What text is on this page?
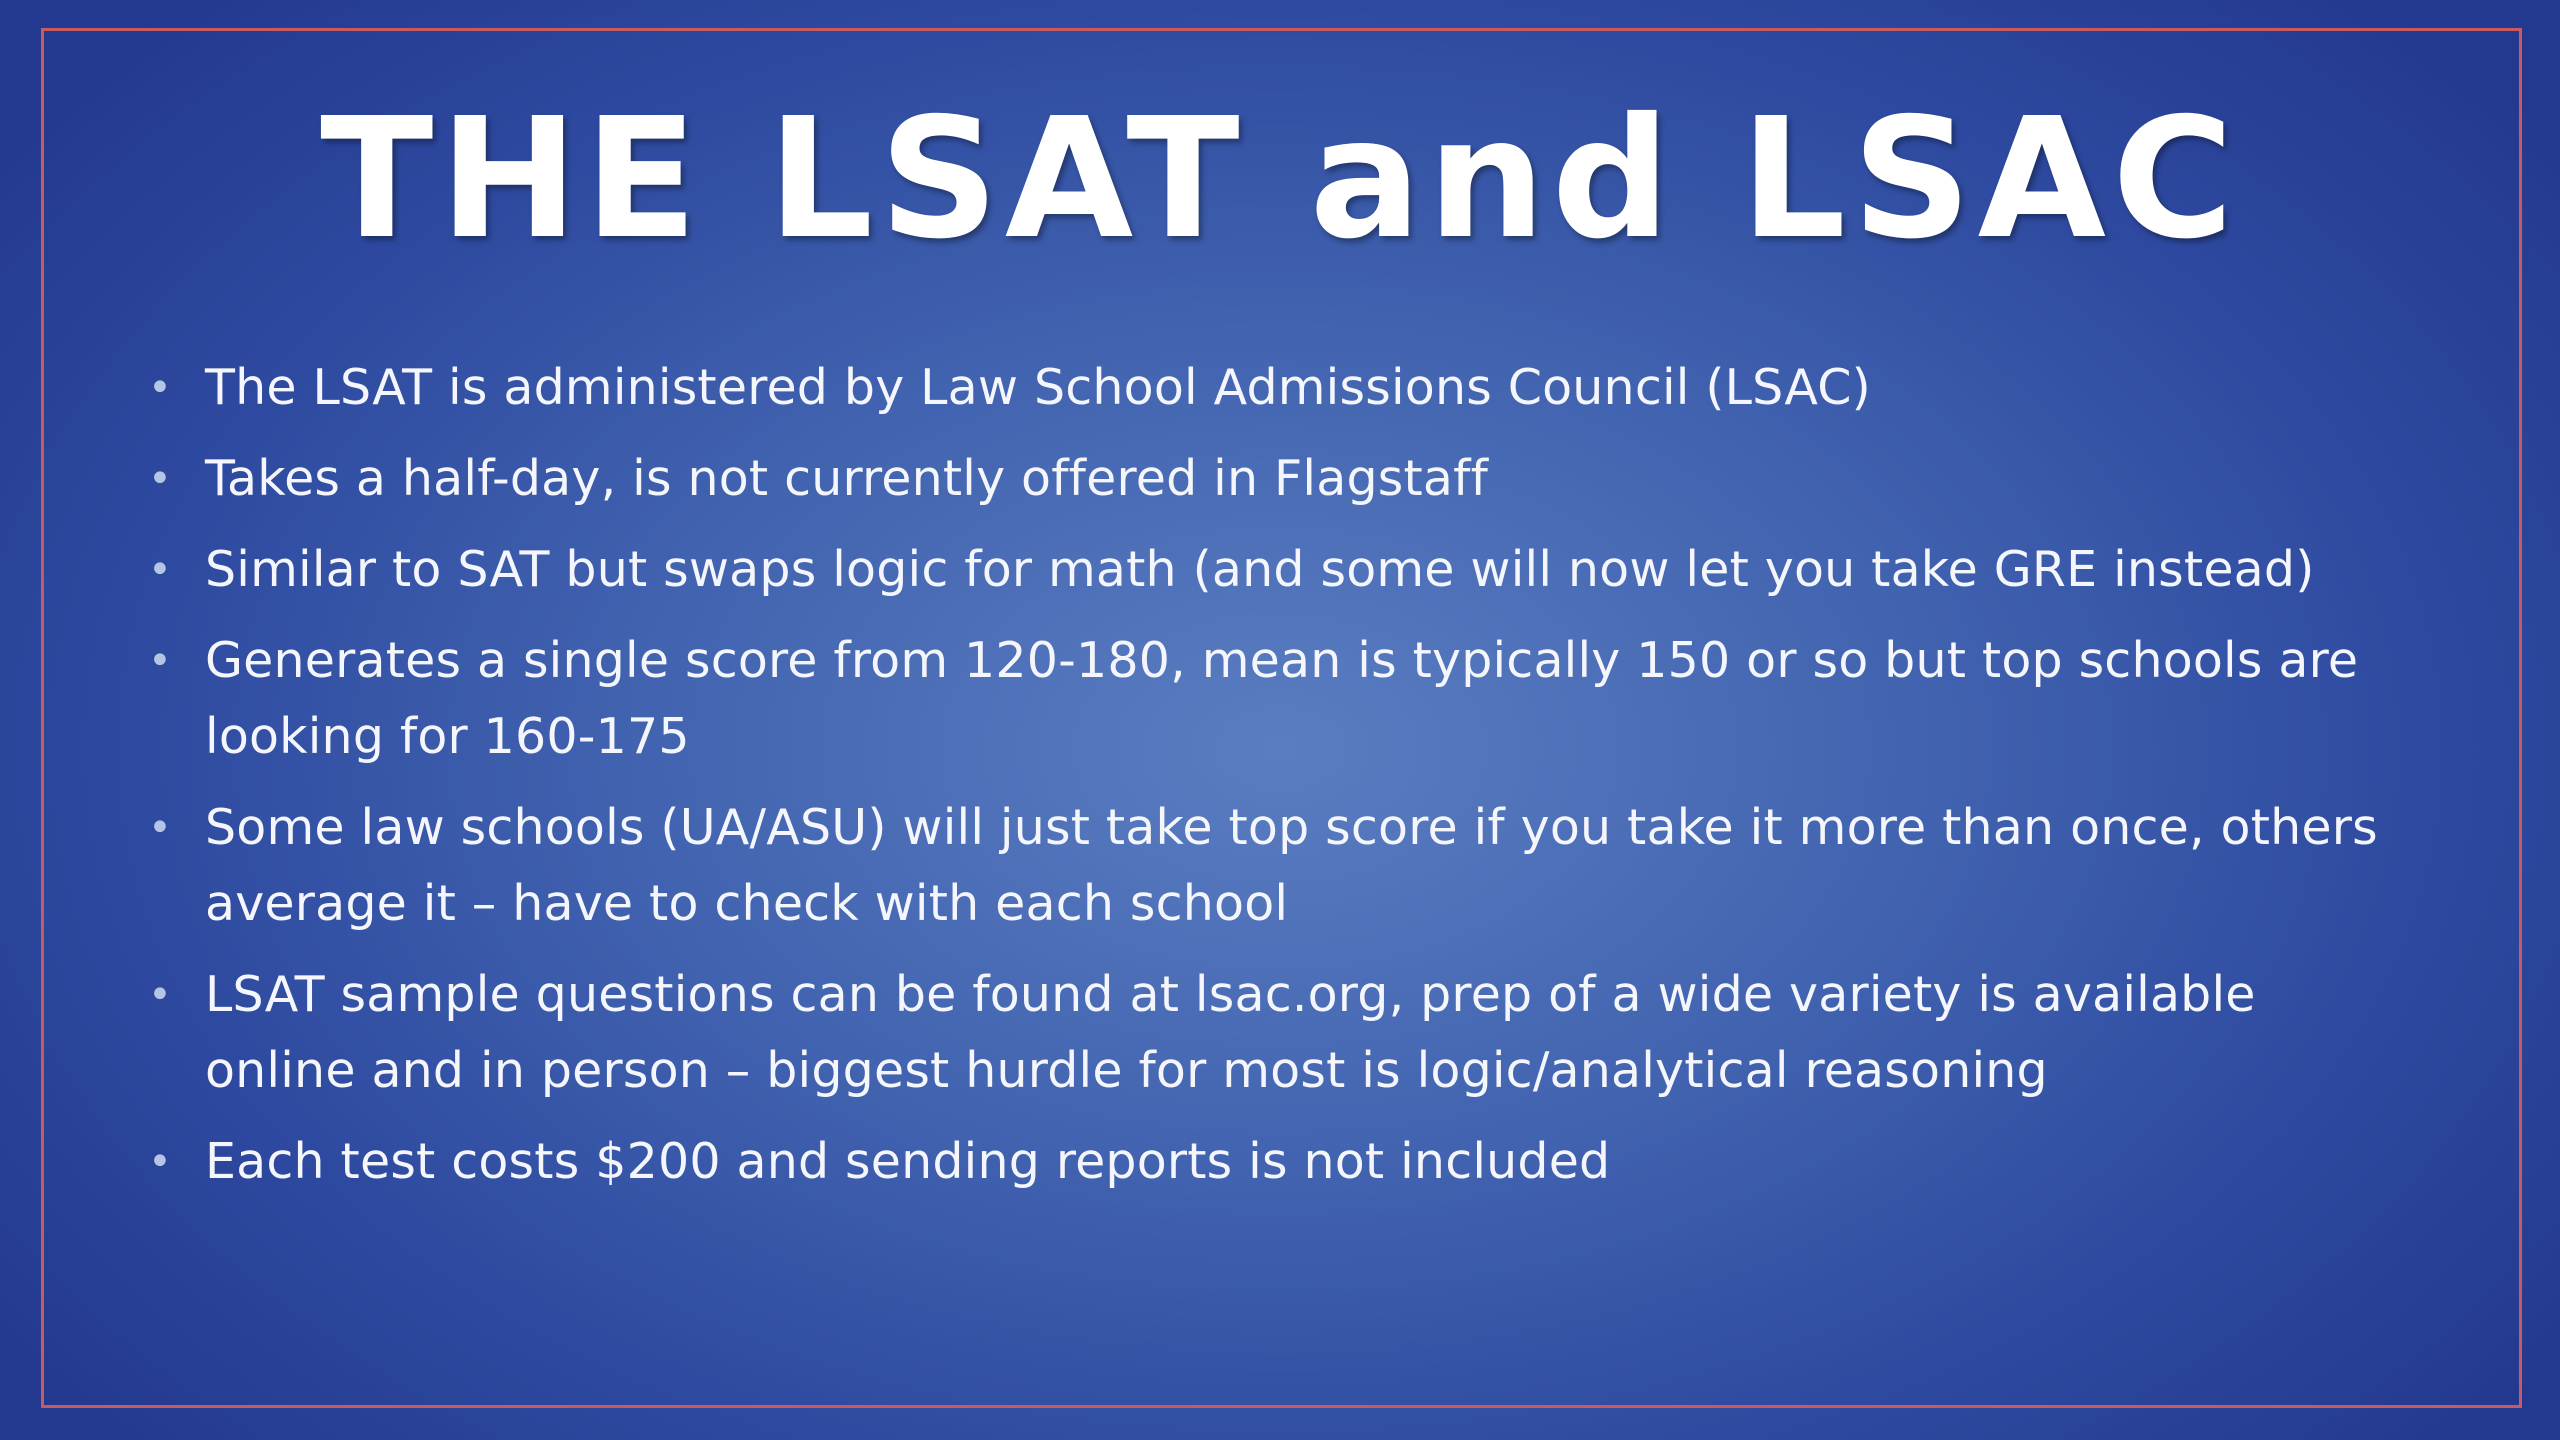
THE LSAT and LSAC
• The LSAT is administered by Law School Admissions Council (LSAC)
• Takes a half-day, is not currently offered in Flagstaff
• Similar to SAT but swaps logic for math (and some will now let you take GRE instead)
• Generates a single score from 120-180, mean is typically 150 or so but top schools are looking for 160-175
• Some law schools (UA/ASU) will just take top score if you take it more than once, others average it – have to check with each school
• LSAT sample questions can be found at lsac.org, prep of a wide variety is available online and in person – biggest hurdle for most is logic/analytical reasoning
• Each test costs $200 and sending reports is not included
